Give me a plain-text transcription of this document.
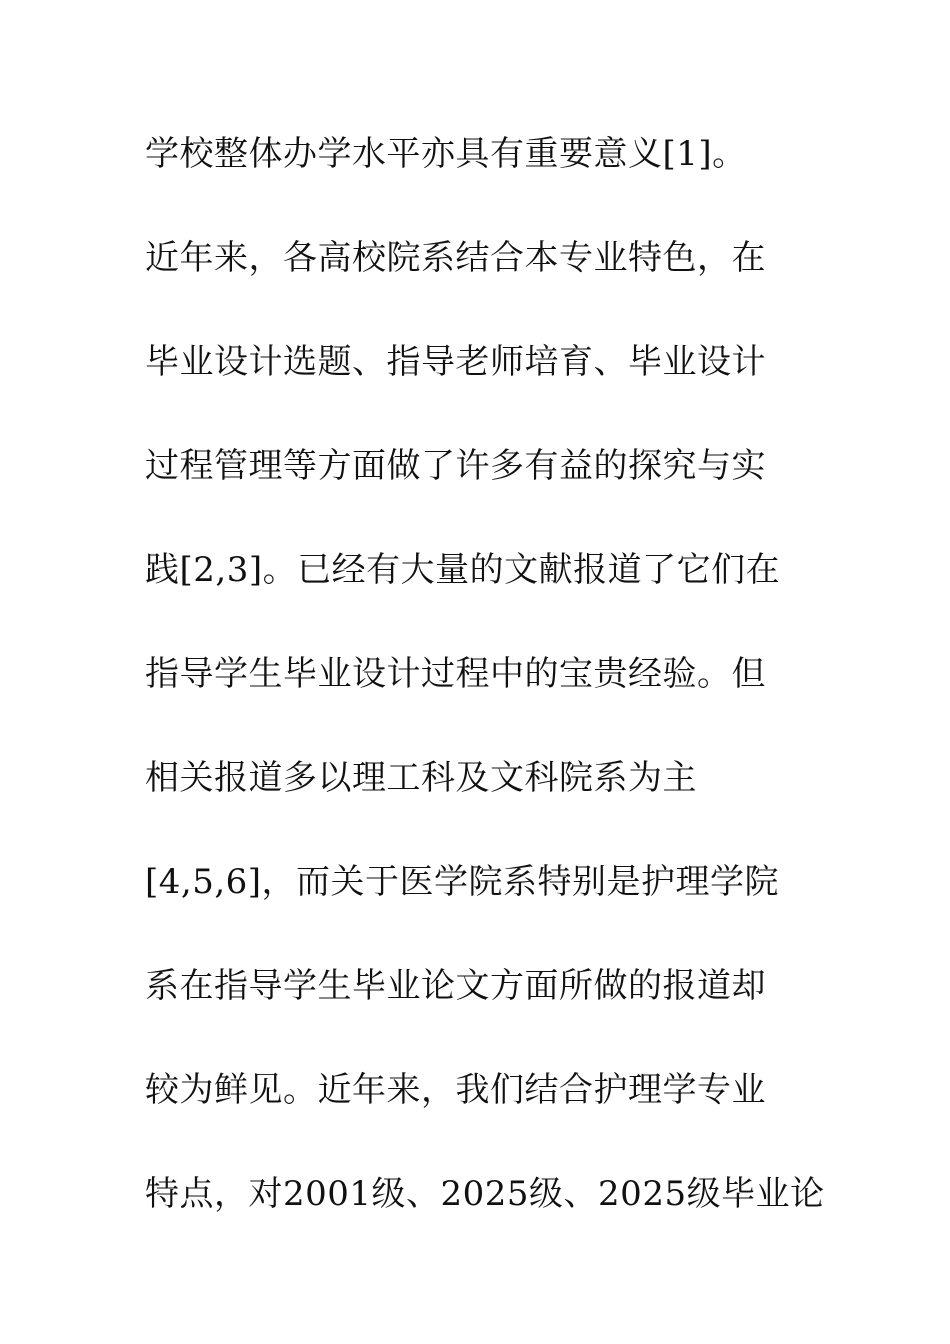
学校整体办学水平亦具有重要意义[1]。
近年来，各高校院系结合本专业特色，在
毕业设计选题、指导老师培育、毕业设计
过程管理等方面做了许多有益的探究与实
践[2,3]。已经有大量的文献报道了它们在
指导学生毕业设计过程中的宝贵经验。但
相关报道多以理工科及文科院系为主
[4,5,6]，而关于医学院系特别是护理学院
系在指导学生毕业论文方面所做的报道却
较为鲜见。近年来，我们结合护理学专业
特点，对2001级、2025级、2025级毕业论
